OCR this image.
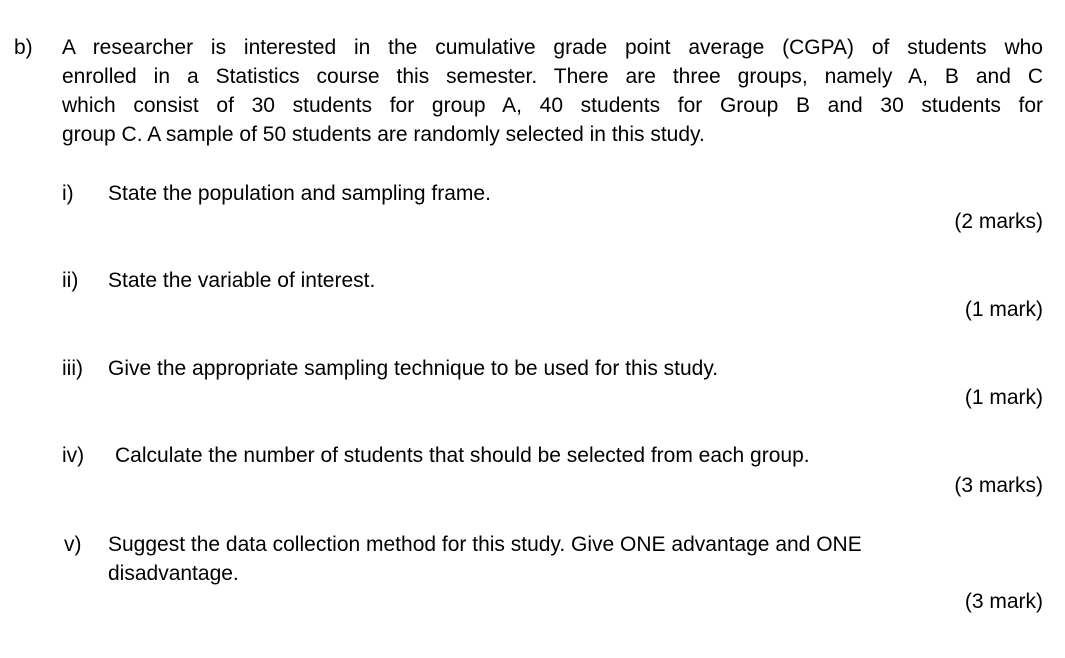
b) A researcher is interested in the cumulative grade point average (CGPA) of students who
enrolled in a Statistics course this semester. There are three groups, namely A, B and C
which consist of 30 students for group A, 40 students for Group B and 30 students for
group C. A sample of 50 students are randomly selected in this study.
i) State the population and sampling frame.
(2 marks)
ii) State the variable of interest.
(1 mark)
iii) Give the appropriate sampling technique to be used for this study.
(1 mark)
iv) Calculate the number of students that should be selected from each group.
(3 marks)
v) Suggest the data collection method for this study. Give ONE advantage and ONE
disadvantage.
(3 mark)
